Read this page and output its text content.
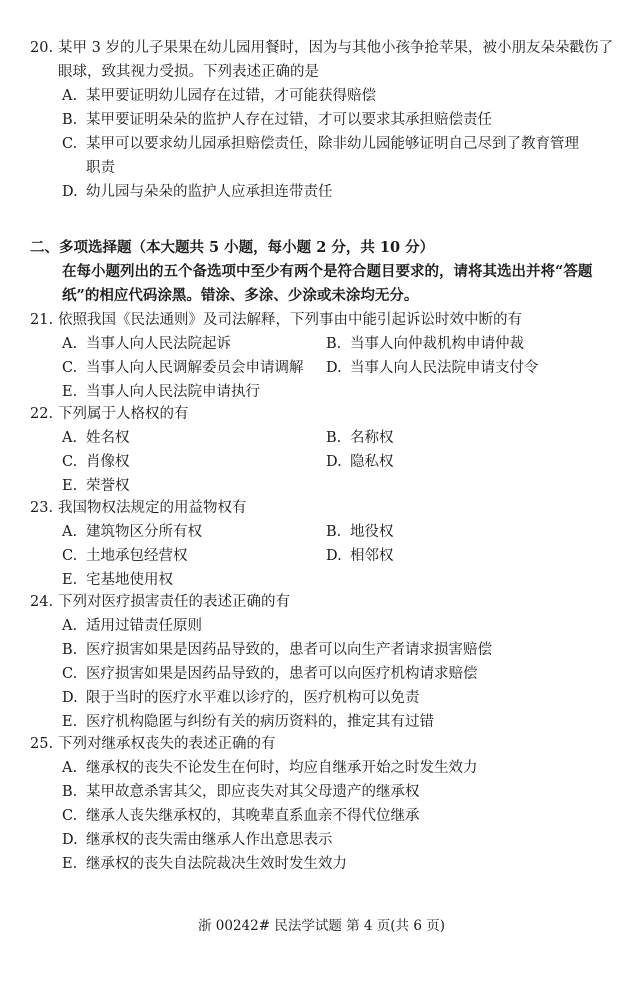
20. 某甲 3 岁的儿子果果在幼儿园用餐时，因为与其他小孩争抢苹果，被小朋友朵朵戳伤了眼球，致其视力受损。下列表述正确的是
A. 某甲要证明幼儿园存在过错，才可能获得赔偿
B. 某甲要证明朵朵的监护人存在过错，才可以要求其承担赔偿责任
C. 某甲可以要求幼儿园承担赔偿责任，除非幼儿园能够证明自己尽到了教育管理
职责
D. 幼儿园与朵朵的监护人应承担连带责任
二、多项选择题（本大题共 5 小题，每小题 2 分，共 10 分）
在每小题列出的五个备选项中至少有两个是符合题目要求的，请将其选出并将“答题纸”的相应代码涂黑。错涂、多涂、少涂或未涂均无分。
21. 依照我国《民法通则》及司法解释，下列事由中能引起诉讼时效中断的有
A. 当事人向人民法院起诉	B. 当事人向仲裁机构申请仲裁
C. 当事人向人民调解委员会申请调解	D. 当事人向人民法院申请支付令
E. 当事人向人民法院申请执行
22. 下列属于人格权的有
A. 姓名权	B. 名称权
C. 肖像权	D. 隐私权
E. 荣誉权
23. 我国物权法规定的用益物权有
A. 建筑物区分所有权	B. 地役权
C. 土地承包经营权	D. 相邻权
E. 宅基地使用权
24. 下列对医疗损害责任的表述正确的有
A. 适用过错责任原则
B. 医疗损害如果是因药品导致的，患者可以向生产者请求损害赔偿
C. 医疗损害如果是因药品导致的，患者可以向医疗机构请求赔偿
D. 限于当时的医疗水平难以诊疗的，医疗机构可以免责
E. 医疗机构隐匿与纠纷有关的病历资料的，推定其有过错
25. 下列对继承权丧失的表述正确的有
A. 继承权的丧失不论发生在何时，均应自继承开始之时发生效力
B. 某甲故意杀害其父，即应丧失对其父母遗产的继承权
C. 继承人丧失继承权的，其晚辈直系血亲不得代位继承
D. 继承权的丧失需由继承人作出意思表示
E. 继承权的丧失自法院裁决生效时发生效力
浙 00242# 民法学试题 第 4 页(共 6 页)
